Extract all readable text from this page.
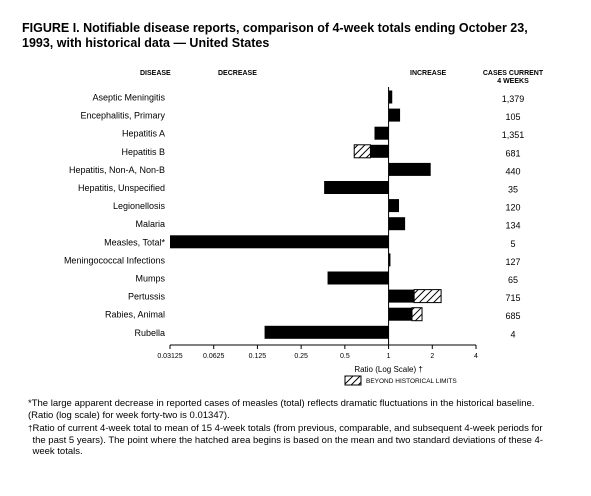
FIGURE I. Notifiable disease reports, comparison of 4-week totals ending October 23, 1993, with historical data — United States
DISEASE	DECREASE	INCREASE	CASES CURRENT
4 WEEKS
Aseptic Meningitis	1,379
Encephalitis, Primary	105
Hepatitis A	1,351
Hepatitis B	681
Hepatitis, Non-A, Non-B	440
Hepatitis, Unspecified	35
Legionellosis	120
Malaria	134
Measles, Total*	5
Meningococcal Infections	127
Mumps	65
Pertussis	715
Rabies, Animal	685
Rubella	4
0.03125	0.0625	0.125	0.25	0.5	1	2	4
Ratio (Log Scale) †
BEYOND HISTORICAL LIMITS

*The large apparent decrease in reported cases of measles (total) reflects dramatic fluctuations in the historical baseline. (Ratio (log scale) for week forty-two is 0.01347).

† Ratio of current 4-week total to mean of 15 4-week totals (from previous, comparable, and subsequent 4-week periods for the past 5 years). The point where the hatched area begins is based on the mean and two standard deviations of these 4-week totals.
